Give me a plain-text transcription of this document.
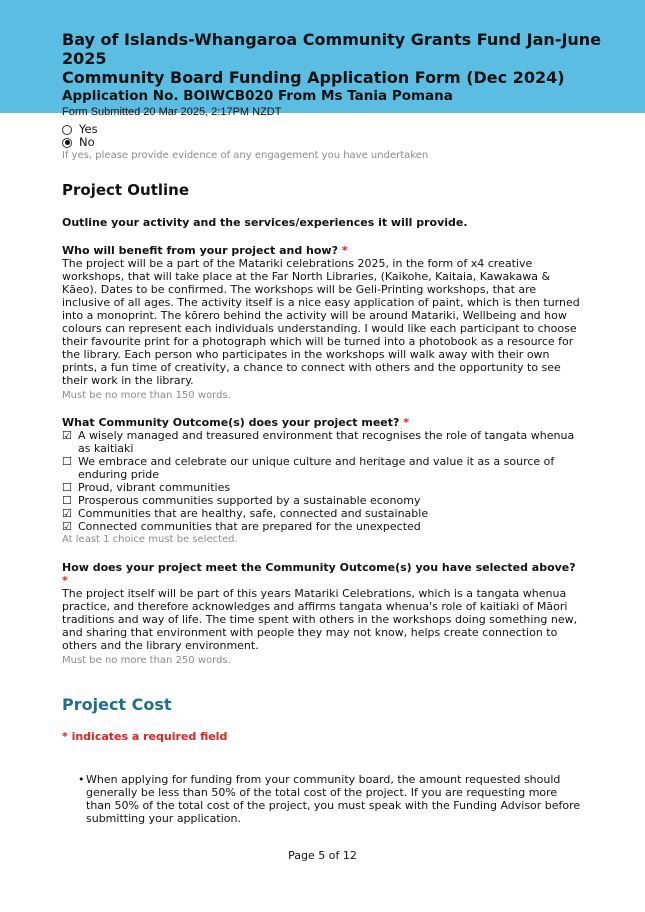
Bay of Islands-Whangaroa Community Grants Fund Jan-June 2025
Community Board Funding Application Form (Dec 2024)
Application No. BOIWCB020 From Ms Tania Pomana
Form Submitted 20 Mar 2025, 2:17PM NZDT
Yes
No
If yes, please provide evidence of any engagement you have undertaken
Project Outline
Outline your activity and the services/experiences it will provide.
Who will benefit from your project and how? *
The project will be a part of the Matariki celebrations 2025, in the form of x4 creative workshops, that will take place at the Far North Libraries, (Kaikohe, Kaitaia, Kawakawa & Kāeo). Dates to be confirmed. The workshops will be Geli-Printing workshops, that are inclusive of all ages. The activity itself is a nice easy application of paint, which is then turned into a monoprint. The kōrero behind the activity will be around Matariki, Wellbeing and how colours can represent each individuals understanding. I would like each participant to choose their favourite print for a photograph which will be turned into a photobook as a resource for the library. Each person who participates in the workshops will walk away with their own prints, a fun time of creativity, a chance to connect with others and the opportunity to see their work in the library.
Must be no more than 150 words.
What Community Outcome(s) does your project meet? *
☑ A wisely managed and treasured environment that recognises the role of tangata whenua as kaitiaki
☐ We embrace and celebrate our unique culture and heritage and value it as a source of enduring pride
☐ Proud, vibrant communities
☐ Prosperous communities supported by a sustainable economy
☑ Communities that are healthy, safe, connected and sustainable
☑ Connected communities that are prepared for the unexpected
At least 1 choice must be selected.
How does your project meet the Community Outcome(s) you have selected above? *
The project itself will be part of this years Matariki Celebrations, which is a tangata whenua practice, and therefore acknowledges and affirms tangata whenua's role of kaitiaki of Māori traditions and way of life. The time spent with others in the workshops doing something new, and sharing that environment with people they may not know, helps create connection to others and the library environment.
Must be no more than 250 words.
Project Cost
* indicates a required field
• When applying for funding from your community board, the amount requested should generally be less than 50% of the total cost of the project. If you are requesting more than 50% of the total cost of the project, you must speak with the Funding Advisor before submitting your application.
Page 5 of 12
